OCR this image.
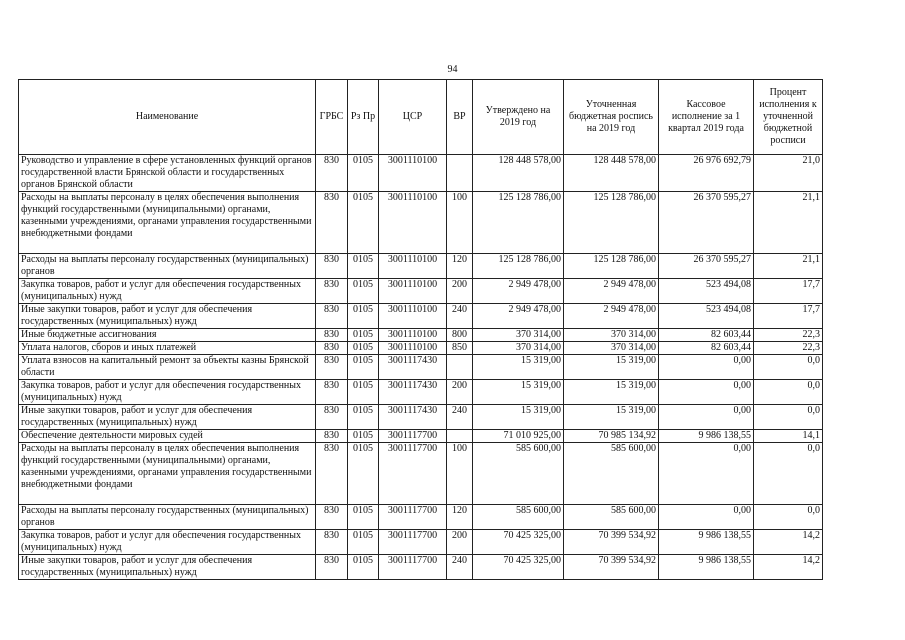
94
Наименование	ГРБС	Рз Пр	ЦСР	ВР	Утверждено на 2019 год	Уточненная бюджетная роспись на 2019 год	Кассовое исполнение за 1 квартал 2019 года	Процент исполнения к уточненной бюджетной росписи
Руководство и управление в сфере установленных функций органов государственной власти Брянской области и государственных органов Брянской области	830	0105	3001110100		128 448 578,00	128 448 578,00	26 976 692,79	21,0
Расходы на выплаты персоналу в целях обеспечения выполнения функций государственными (муниципальными) органами, казенными учреждениями, органами управления государственными внебюджетными фондами	830	0105	3001110100	100	125 128 786,00	125 128 786,00	26 370 595,27	21,1
Расходы на выплаты персоналу государственных (муниципальных) органов	830	0105	3001110100	120	125 128 786,00	125 128 786,00	26 370 595,27	21,1
Закупка товаров, работ и услуг для обеспечения государственных (муниципальных) нужд	830	0105	3001110100	200	2 949 478,00	2 949 478,00	523 494,08	17,7
Иные закупки товаров, работ и услуг для обеспечения государственных (муниципальных) нужд	830	0105	3001110100	240	2 949 478,00	2 949 478,00	523 494,08	17,7
Иные бюджетные ассигнования	830	0105	3001110100	800	370 314,00	370 314,00	82 603,44	22,3
Уплата налогов, сборов и иных платежей	830	0105	3001110100	850	370 314,00	370 314,00	82 603,44	22,3
Уплата взносов на капитальный ремонт за объекты казны Брянской области	830	0105	3001117430		15 319,00	15 319,00	0,00	0,0
Закупка товаров, работ и услуг для обеспечения государственных (муниципальных) нужд	830	0105	3001117430	200	15 319,00	15 319,00	0,00	0,0
Иные закупки товаров, работ и услуг для обеспечения государственных (муниципальных) нужд	830	0105	3001117430	240	15 319,00	15 319,00	0,00	0,0
Обеспечение деятельности мировых судей	830	0105	3001117700		71 010 925,00	70 985 134,92	9 986 138,55	14,1
Расходы на выплаты персоналу в целях обеспечения выполнения функций государственными (муниципальными) органами, казенными учреждениями, органами управления государственными внебюджетными фондами	830	0105	3001117700	100	585 600,00	585 600,00	0,00	0,0
Расходы на выплаты персоналу государственных (муниципальных) органов	830	0105	3001117700	120	585 600,00	585 600,00	0,00	0,0
Закупка товаров, работ и услуг для обеспечения государственных (муниципальных) нужд	830	0105	3001117700	200	70 425 325,00	70 399 534,92	9 986 138,55	14,2
Иные закупки товаров, работ и услуг для обеспечения государственных (муниципальных) нужд	830	0105	3001117700	240	70 425 325,00	70 399 534,92	9 986 138,55	14,2
